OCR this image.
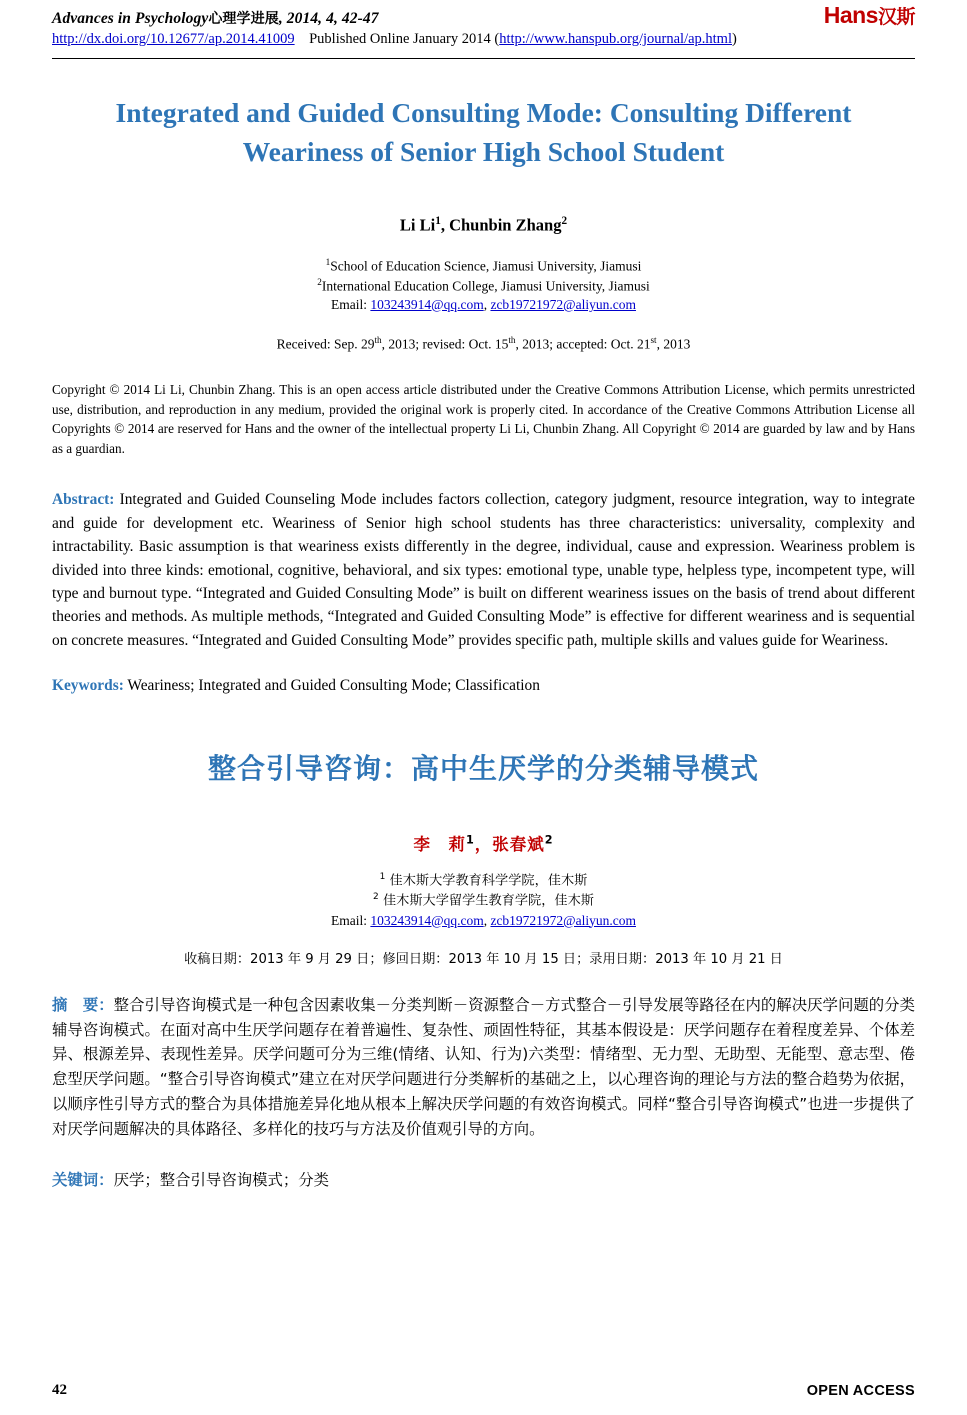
Advances in Psychology心理学进展, 2014, 4, 42-47
http://dx.doi.org/10.12677/ap.2014.41009 Published Online January 2014 (http://www.hanspub.org/journal/ap.html)
Hans汉斯
Integrated and Guided Consulting Mode: Consulting Different Weariness of Senior High School Student
Li Li$^1$, Chunbin Zhang$^2$
$^1$School of Education Science, Jiamusi University, Jiamusi
$^2$International Education College, Jiamusi University, Jiamusi
Email: 103243914@qq.com, zcb19721972@aliyun.com
Received: Sep. 29th, 2013; revised: Oct. 15th, 2013; accepted: Oct. 21st, 2013
Copyright © 2014 Li Li, Chunbin Zhang. This is an open access article distributed under the Creative Commons Attribution License, which permits unrestricted use, distribution, and reproduction in any medium, provided the original work is properly cited. In accordance of the Creative Commons Attribution License all Copyrights © 2014 are reserved for Hans and the owner of the intellectual property Li Li, Chunbin Zhang. All Copyright © 2014 are guarded by law and by Hans as a guardian.
Abstract: Integrated and Guided Counseling Mode includes factors collection, category judgment, resource integration, way to integrate and guide for development etc. Weariness of Senior high school students has three characteristics: universality, complexity and intractability. Basic assumption is that weariness exists differently in the degree, individual, cause and expression. Weariness problem is divided into three kinds: emotional, cognitive, behavioral, and six types: emotional type, unable type, helpless type, incompetent type, will type and burnout type. “Integrated and Guided Consulting Mode” is built on different weariness issues on the basis of trend about different theories and methods. As multiple methods, “Integrated and Guided Consulting Mode” is effective for different weariness and is sequential on concrete measures. “Integrated and Guided Consulting Mode” provides specific path, multiple skills and values guide for Weariness.
Keywords: Weariness; Integrated and Guided Consulting Mode; Classification
整合引导咨询：高中生厌学的分类辅导模式
李　莉$^1$，张春斌$^2$
$^1$ 佳木斯大学教育科学学院，佳木斯
$^2$ 佳木斯大学留学生教育学院，佳木斯
Email: 103243914@qq.com, zcb19721972@aliyun.com
收稿日期：2013 年 9 月 29 日；修回日期：2013 年 10 月 15 日；录用日期：2013 年 10 月 21 日
摘　要：整合引导咨询模式是一种包含因素收集－分类判断－资源整合－方式整合－引导发展等路径在内的解决厌学问题的分类辅导咨询模式。在面对高中生厌学问题存在着普遍性、复杂性、顽固性特征，其基本假设是：厌学问题存在着程度差异、个体差异、根源差异、表现性差异。厌学问题可分为三维(情绪、认知、行为)六类型：情绪型、无力型、无助型、无能型、意志型、倦怠型厌学问题。“整合引导咨询模式”建立在对厌学问题进行分类解析的基础之上，以心理咨询的理论与方法的整合趋势为依据，以顺序性引导方式的整合为具体措施差异化地从根本上解决厌学问题的有效咨询模式。同样“整合引导咨询模式”也进一步提供了对厌学问题解决的具体路径、多样化的技巧与方法及价值观引导的方向。
关键词：厌学；整合引导咨询模式；分类
42	OPEN ACCESS
